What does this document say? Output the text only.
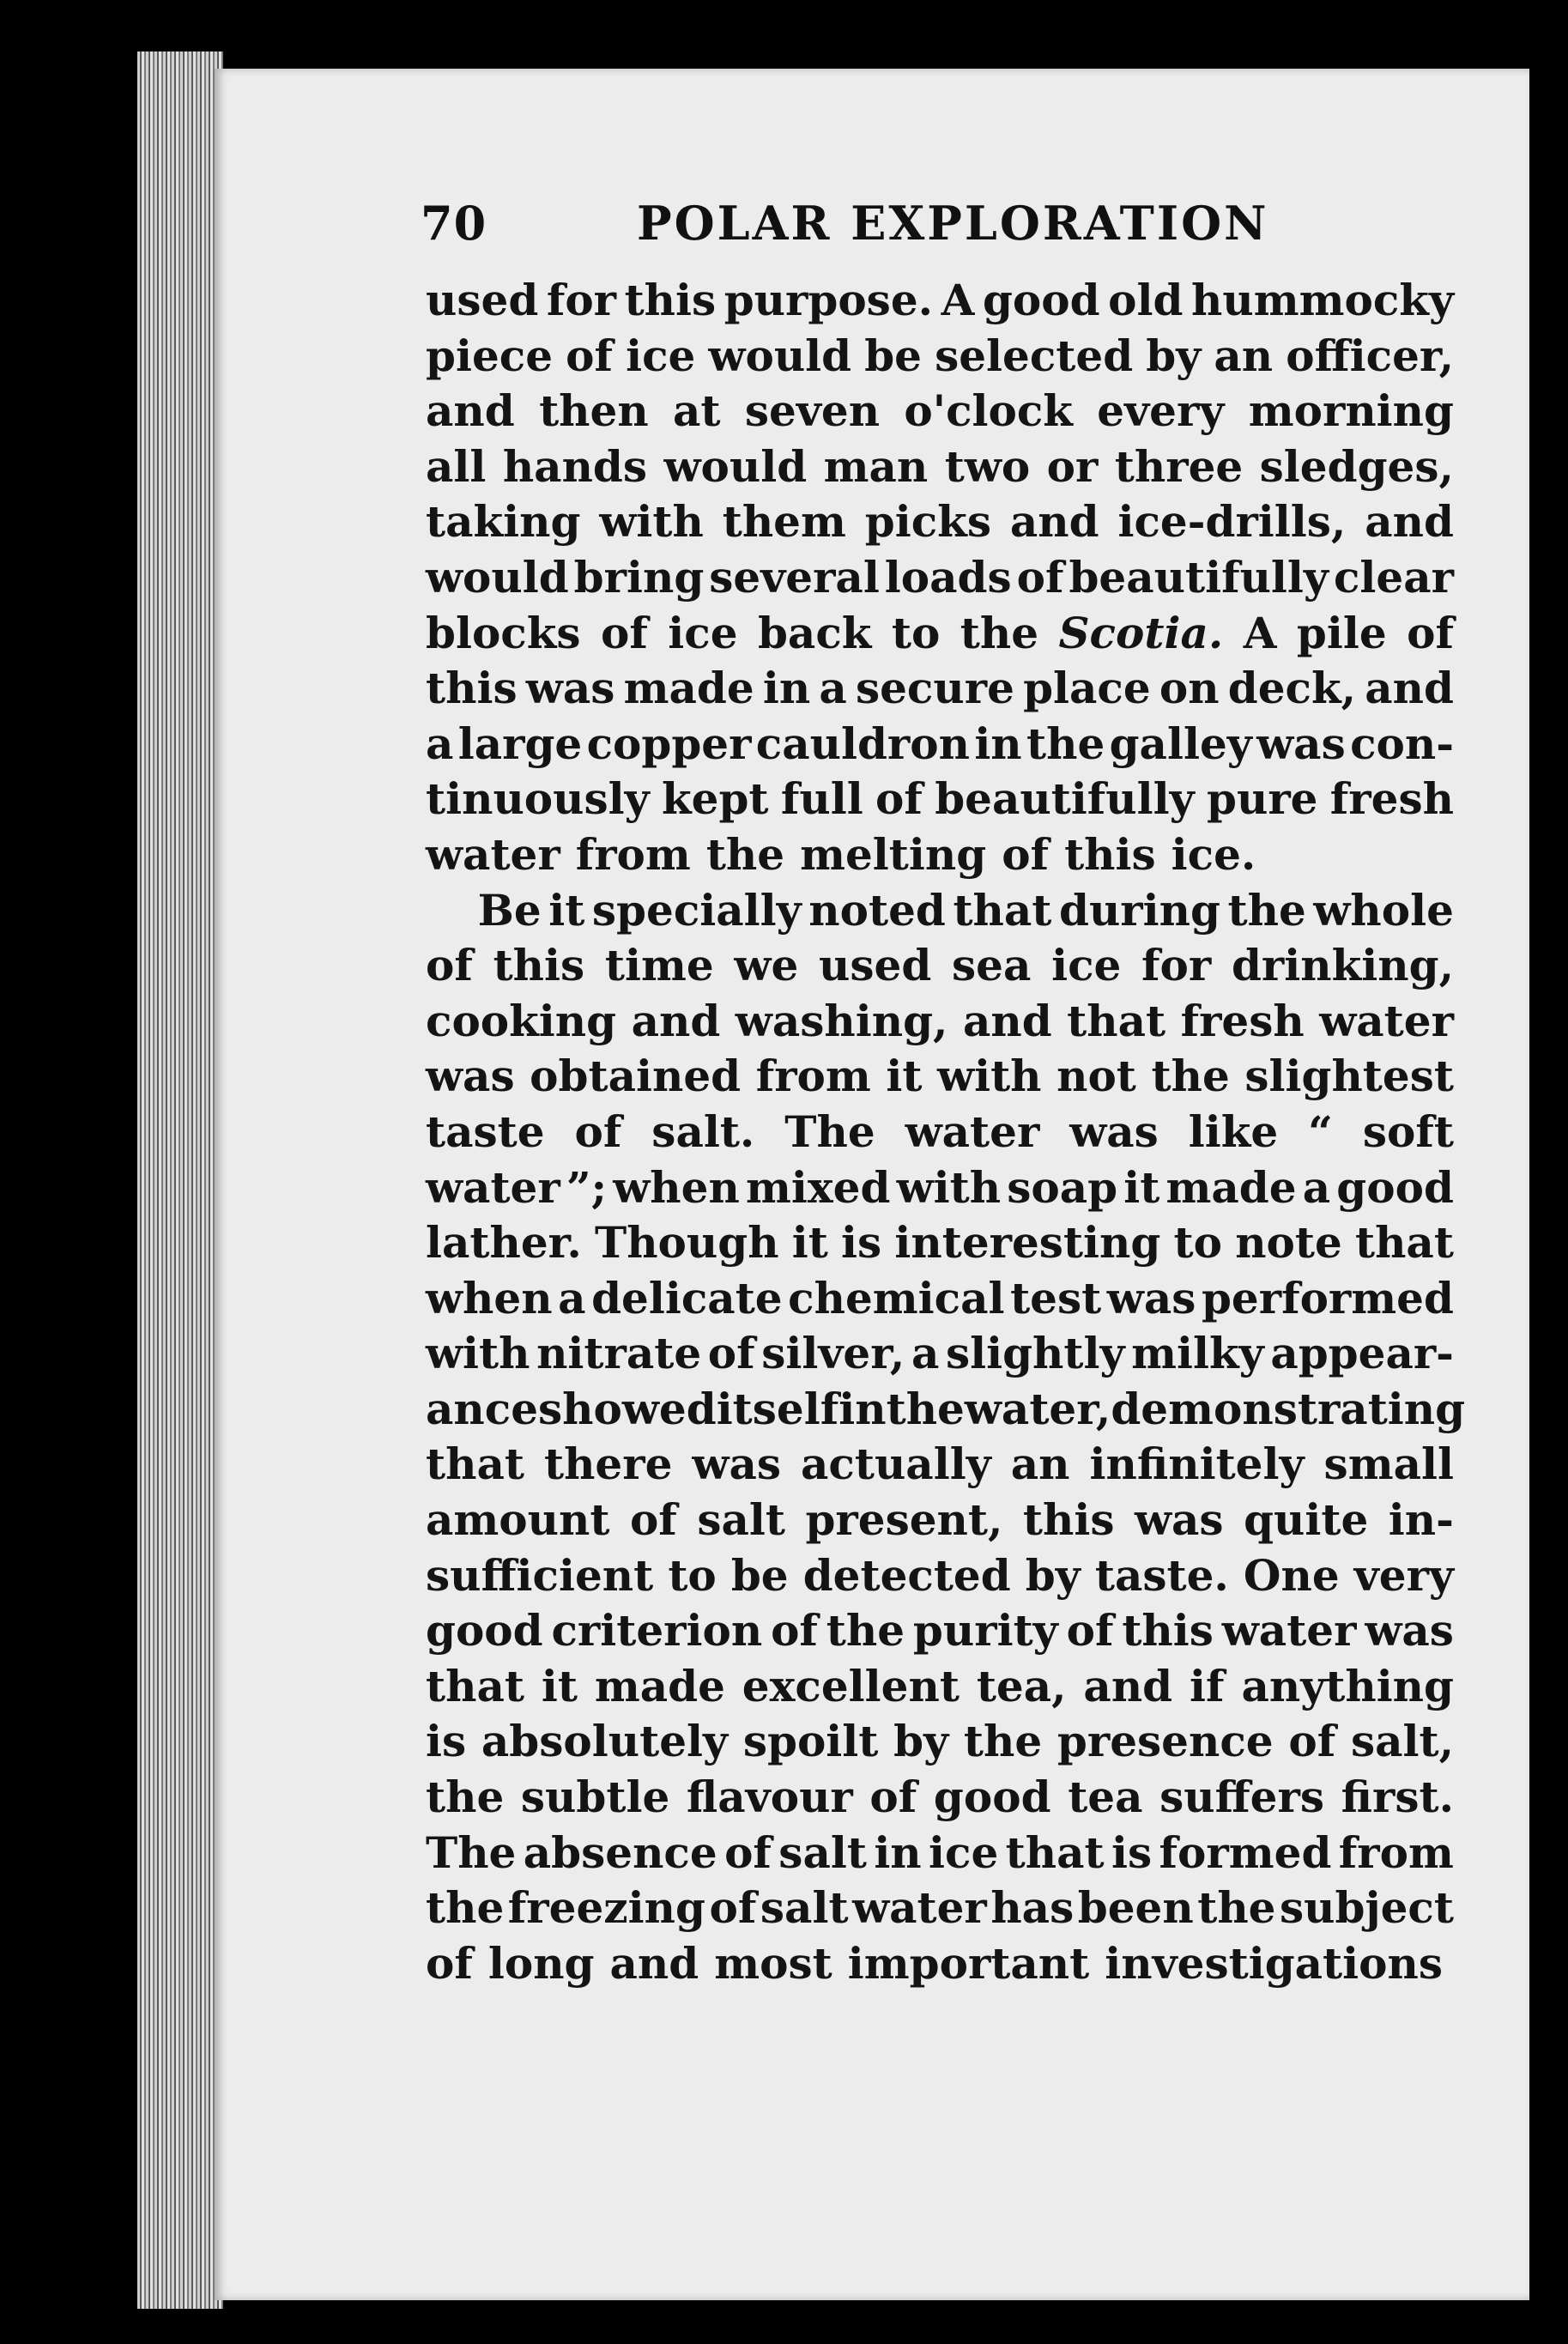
70	POLAR EXPLORATION
used for this purpose. A good old hummocky
piece of ice would be selected by an officer,
and then at seven o'clock every morning
all hands would man two or three sledges,
taking with them picks and ice-drills, and
would bring several loads of beautifully clear
blocks of ice back to the Scotia. A pile of
this was made in a secure place on deck, and
a large copper cauldron in the galley was con-
tinuously kept full of beautifully pure fresh
water from the melting of this ice.
Be it specially noted that during the whole
of this time we used sea ice for drinking,
cooking and washing, and that fresh water
was obtained from it with not the slightest
taste of salt. The water was like “ soft
water ”; when mixed with soap it made a good
lather. Though it is interesting to note that
when a delicate chemical test was performed
with nitrate of silver, a slightly milky appear-
ance showed itself in the water, demonstrating
that there was actually an infinitely small
amount of salt present, this was quite in-
sufficient to be detected by taste. One very
good criterion of the purity of this water was
that it made excellent tea, and if anything
is absolutely spoilt by the presence of salt,
the subtle flavour of good tea suffers first.
The absence of salt in ice that is formed from
the freezing of salt water has been the subject
of long and most important investigations
